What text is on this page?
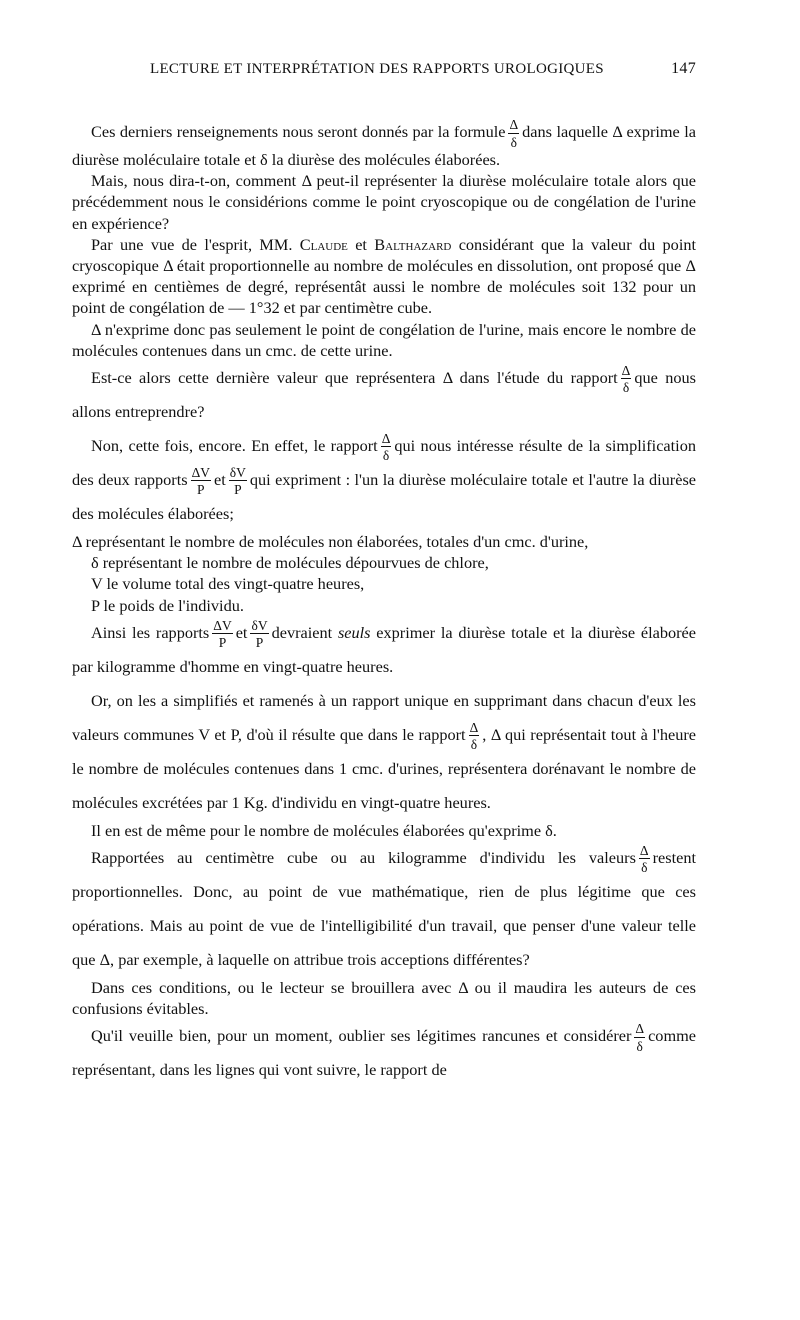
LECTURE ET INTERPRÉTATION DES RAPPORTS UROLOGIQUES	147

Ces derniers renseignements nous seront donnés par la formule $\frac{\Delta}{\delta}$ dans laquelle Δ exprime la diurèse moléculaire totale et δ la diurèse des molécules élaborées.

Mais, nous dira-t-on, comment Δ peut-il représenter la diurèse moléculaire totale alors que précédemment nous le considérions comme le point cryoscopique ou de congélation de l'urine en expérience?

Par une vue de l'esprit, MM. Claude et Balthazard considérant que la valeur du point cryoscopique Δ était proportionnelle au nombre de molécules en dissolution, ont proposé que Δ exprimé en centièmes de degré, représentât aussi le nombre de molécules soit 132 pour un point de congélation de — 1°32 et par centimètre cube.

Δ n'exprime donc pas seulement le point de congélation de l'urine, mais encore le nombre de molécules contenues dans un cmc. de cette urine.

Est-ce alors cette dernière valeur que représentera Δ dans l'étude du rapport $\frac{\Delta}{\delta}$ que nous allons entreprendre?

Non, cette fois, encore. En effet, le rapport $\frac{\Delta}{\delta}$ qui nous intéresse résulte de la simplification des deux rapports $\frac{\Delta V}{P}$ et $\frac{\delta V}{P}$ qui expriment : l'un la diurèse moléculaire totale et l'autre la diurèse des molécules élaborées;

Δ représentant le nombre de molécules non élaborées, totales d'un cmc. d'urine,

δ représentant le nombre de molécules dépourvues de chlore,

V le volume total des vingt-quatre heures,

P le poids de l'individu.

Ainsi les rapports $\frac{\Delta V}{P}$ et $\frac{\delta V}{P}$ devraient seuls exprimer la diurèse totale et la diurèse élaborée par kilogramme d'homme en vingt-quatre heures.

Or, on les a simplifiés et ramenés à un rapport unique en supprimant dans chacun d'eux les valeurs communes V et P, d'où il résulte que dans le rapport $\frac{\Delta}{\delta}$ , Δ qui représentait tout à l'heure le nombre de molécules contenues dans 1 cmc. d'urines, représentera dorénavant le nombre de molécules excrétées par 1 Kg. d'individu en vingt-quatre heures.

Il en est de même pour le nombre de molécules élaborées qu'exprime δ.

Rapportées au centimètre cube ou au kilogramme d'individu les valeurs $\frac{\Delta}{\delta}$ restent proportionnelles. Donc, au point de vue mathématique, rien de plus légitime que ces opérations. Mais au point de vue de l'intelligibilité d'un travail, que penser d'une valeur telle que Δ, par exemple, à laquelle on attribue trois acceptions différentes?

Dans ces conditions, ou le lecteur se brouillera avec Δ ou il maudira les auteurs de ces confusions évitables.

Qu'il veuille bien, pour un moment, oublier ses légitimes rancunes et considérer $\frac{\Delta}{\delta}$ comme représentant, dans les lignes qui vont suivre, le rapport de
